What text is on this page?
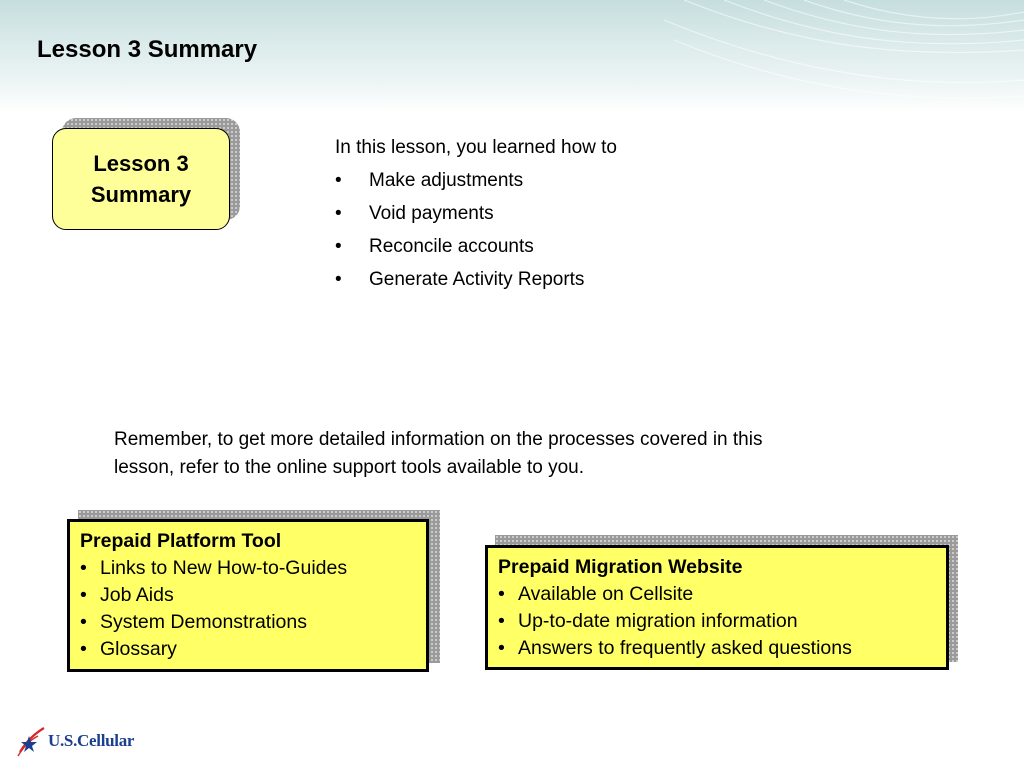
Lesson 3 Summary
Lesson 3
Summary
In this lesson, you learned how to
•	Make adjustments
•	Void payments
•	Reconcile accounts
•	Generate Activity Reports
Remember, to get more detailed information on the processes covered in this
lesson, refer to the online support tools available to you.
Prepaid Platform Tool
• Links to New How-to-Guides
• Job Aids
• System Demonstrations
• Glossary
Prepaid Migration Website
• Available on Cellsite
• Up-to-date migration information
• Answers to frequently asked questions
U.S.Cellular
